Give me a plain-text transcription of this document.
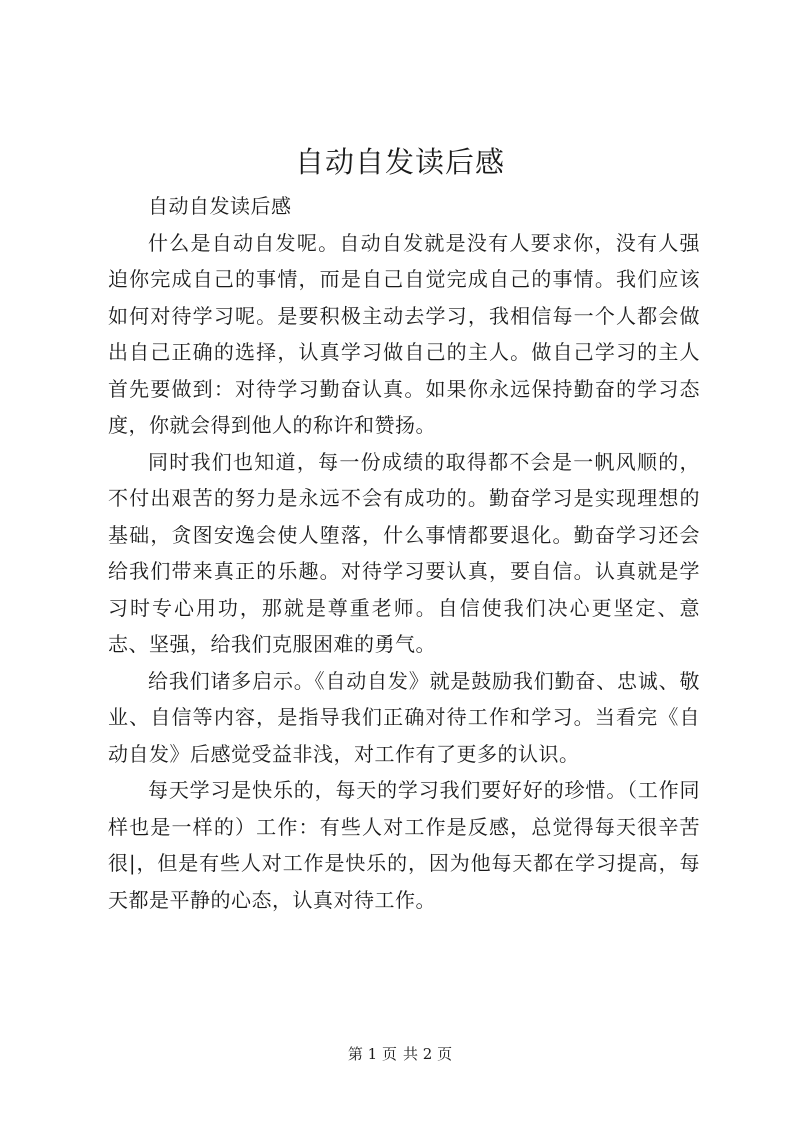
自动自发读后感

自动自发读后感

什么是自动自发呢。自动自发就是没有人要求你，没有人强迫你完成自己的事情，而是自己自觉完成自己的事情。我们应该如何对待学习呢。是要积极主动去学习，我相信每一个人都会做出自己正确的选择，认真学习做自己的主人。做自己学习的主人首先要做到：对待学习勤奋认真。如果你永远保持勤奋的学习态度，你就会得到他人的称许和赞扬。

同时我们也知道，每一份成绩的取得都不会是一帆风顺的，不付出艰苦的努力是永远不会有成功的。勤奋学习是实现理想的基础，贪图安逸会使人堕落，什么事情都要退化。勤奋学习还会给我们带来真正的乐趣。对待学习要认真，要自信。认真就是学习时专心用功，那就是尊重老师。自信使我们决心更坚定、意志、坚强，给我们克服困难的勇气。

给我们诸多启示。《自动自发》就是鼓励我们勤奋、忠诚、敬业、自信等内容，是指导我们正确对待工作和学习。当看完《自动自发》后感觉受益非浅，对工作有了更多的认识。

每天学习是快乐的，每天的学习我们要好好的珍惜。（工作同样也是一样的）工作：有些人对工作是反感，总觉得每天很辛苦很|，但是有些人对工作是快乐的，因为他每天都在学习提高，每天都是平静的心态，认真对待工作。

第 1 页 共 2 页
